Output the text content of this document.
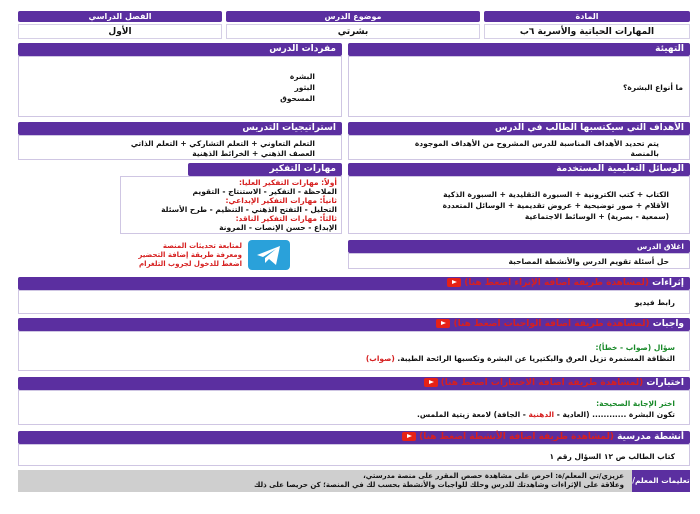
المادة
موضوع الدرس
الفصل الدراسي
المهارات الحياتية والأسرية ٦ب
بشرتي
الأول
التهيئة
ما أنواع البشرة؟
مفردات الدرس
البشرة
البثور
المسحوق
الأهداف التي سيكتسبها الطالب في الدرس
يتم تحديد الأهداف المناسبة للدرس المشروح من الأهداف الموجودة
بالمنصة
استراتيجيات التدريس
التعلم التعاوني + التعلم التشاركي + التعلم الذاتي
العصف الذهني + الخرائط الذهنية
الوسائل التعليمية المستخدمة
الكتاب + كتب الكترونية + السبورة التقليدية + السبورة الذكية
الأقلام + صور توضيحية + عروض تقديمية + الوسائل المتعددة
(سمعية - بصرية) + الوسائط الاجتماعية
مهارات التفكير
أولاً: مهارات التفكير العليا:
الملاحظة - التفكير - الاستنتاج - التقويم
ثانياً: مهارات التفكير الإبداعي:
التحليل - التفتح الذهني - التنظيم - طرح الأسئلة
ثالثاً: مهارات التفكير الناقد:
الإبداع - حسن الإنصات - المرونة
اغلاق الدرس
حل أسئلة تقويم الدرس والأنشطة المصاحبة
لمتابعة تحديثات المنصة
ومعرفة طريقة إضافة التحضير
اضغط للدخول لجروب التلغرام
إثراءات (لمشاهدة طريقة اضافة الإثراء اضغط هنا)
رابط فيديو
واجبات (لمشاهدة طريقة اضافة الواجبات اضغط هنا)
سؤال (صواب - خطأ):
النظافة المستمرة تزيل العرق والبكتيريا عن البشرة وتكسبها الرائحة الطيبة. (صواب)
اختبارات (لمشاهدة طريقة اضافة الاختبارات اضغط هنا)
اختر الإجابة الصحيحة:
تكون البشرة ............ (العادية - الدهنية - الجافة) لامعة زيتية الملمس.
أنشطة مدرسية (لمشاهدة طريقة اضافة الأنشطة اضغط هنا)
كتاب الطالب ص ١٢ السؤال رقم ١
تعليمات المعلم/ة
عزيزي/تي المعلم/ة: احرص على مشاهدة حصص المقرر على منصة مدرستي،
وعلاقة على الإثراءات وشاهدتك للدرس وحلك للواجبات والأنشطة بحسب لك في المنصة؛ كن حريصا على ذلك
